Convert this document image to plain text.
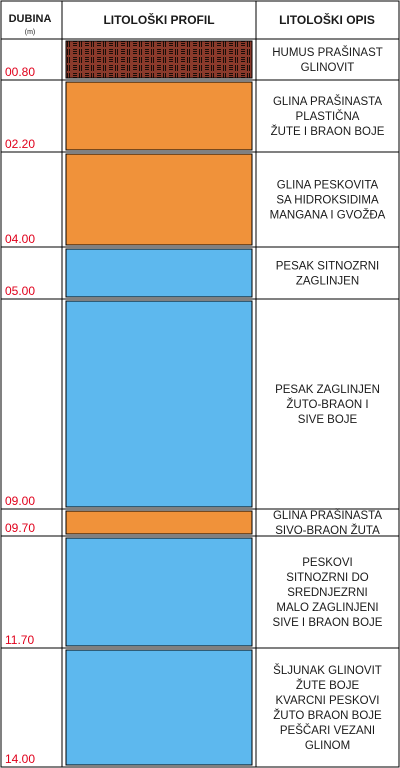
00.80
02.20
04.00
05.00
09.00
09.70
11.70
14.00
HUMUS PRAŠINAST
GLINOVIT
GLINA PRAŠINASTA
PLASTIČNA
ŽUTE I BRAON BOJE
GLINA PESKOVITA
SA HIDROKSIDIMA
MANGANA I GVOŽĐA
PESAK SITNOZRNI
ZAGLINJEN
PESAK ZAGLINJEN
ŽUTO-BRAON I
SIVE BOJE
GLINA PRAŠINASTA
SIVO-BRAON ŽUTA
PESKOVI
SITNOZRNI DO
SREDNJEZRNI
MALO ZAGLINJENI
SIVE I BRAON BOJE
ŠLJUNAK GLINOVIT
ŽUTE BOJE
KVARCNI PESKOVI
ŽUTO BRAON BOJE
PEŠČARI VEZANI
GLINOM
DUBINA
(m)
LITOLOŠKI PROFIL	LITOLOŠKI OPIS
